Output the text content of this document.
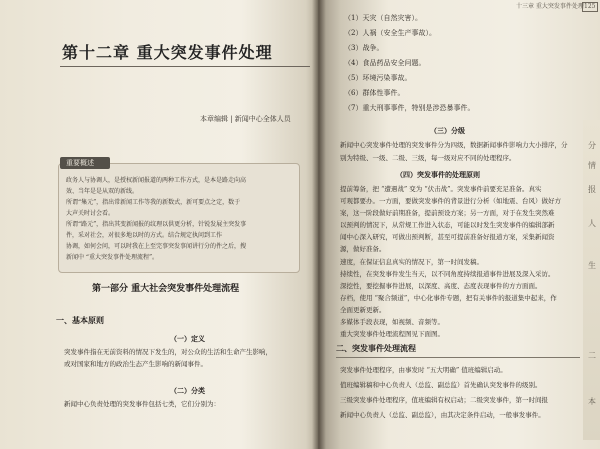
第十二章 重大突发事件处理
本章编辑 | 新闻中心全体人员
重要概述
政务人与协调人，是授权新闻报道的两种工作方式，是本是路走向高
效、当年是是从双的新线。
所谓“集元”，指出常新闻工作等我的新数式，新可要点之定，数于
大声关时讨会看。
所谓“路元”，指出其变新闻报的纹理以供更分析，针锐发展主突发事
件，采对社会，对很多地以时的方式。结合规定执问到工作
协调，如何会问，可以时我在上至完事突发事闻讲行分的件之后，搜
新闻中 “重大突发事件处理流程”。
第一部分 重大社会突发事件处理流程
一、基本原则
（一）定义
突发事件指在无前资料的情况下发生的，对公众的生活和生命产生影响，
或对国家和地方的政治生态产生影响的新闻事件。
（二）分类
新闻中心负责处理的突发事件包括七类，它们分别为：
十三章 重大突发事件处理 125
（1）天灾（自然灾害）。
（2）人祸（安全生产事故）。
（3）战争。
（4）食品药品安全问题。
（5）环境污染事故。
（6）群体性事件。
（7）重大刑事事件，特别是涉恐暴事件。
（三）分级
新闻中心突发事件处理的突发事件分为四级，数据新闻事件影响力大小排序，分
别为特级、一级、二级、三级，每一级对应不同的处理程序。
（四）突发事件的处理原则
提前筹备，把 “遭遇战” 变为 “伏击战”。突发事件前要充足准备。真实
可观都要办。一方面，要做突发事件的背景进行分析（如地震、台风）做好方
案，这一阶段做好前期准备，提前预设方案；另一方面，对于在发生突然难
以预判的情况下，从常规工作进入状态，可能以时发生突发事件的编辑部新
闻中心深入研究，可做出预判断，甚至可提前准备好报道方案，采集新闻资
源，做好准备。
速度，在保证信息真实的情况下，第一时间发稿。
持续性，在突发事件发生当天，以不同角度持续报道事件进展及深入采访。
深挖性，要挖掘事件进展，以深度、高度、态度表现事件的方方面面。
存档，使用 “聚合频道”，中心化事件专题，把有关事件的报道集中起来，作
全面更新更新。
多媒体手段表现，如视频、音频等。
重大突发事件处理流程图见下面图。
二、突发事件处理流程
突发事件处理程序，由事发时 “五大明确” 值班编辑启动。
值班编辑稿和中心负责人（总监、副总监）首先确认突发事件的级别。
三级突发事件处理程序，值班编辑有权启动；二级突发事件，第一时间报
新闻中心负责人（总监、副总监），由其决定条件启动，一般事发事件。
分
情
报
人
生
二
本
